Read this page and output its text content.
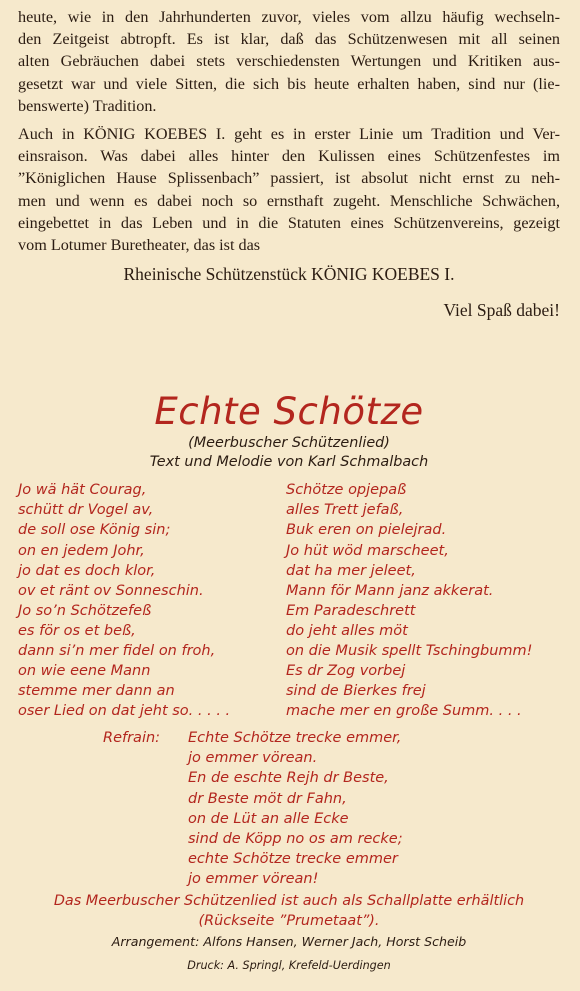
heute, wie in den Jahrhunderten zuvor, vieles vom allzu häufig wechseln-
den Zeitgeist abtropft. Es ist klar, daß das Schützenwesen mit all seinen
alten Gebräuchen dabei stets verschiedensten Wertungen und Kritiken aus-
gesetzt war und viele Sitten, die sich bis heute erhalten haben, sind nur (lie-
benswerte) Tradition.

Auch in KÖNIG KOEBES I. geht es in erster Linie um Tradition und Ver-
einsraison. Was dabei alles hinter den Kulissen eines Schützenfestes im
”Königlichen Hause Splissenbach” passiert, ist absolut nicht ernst zu neh-
men und wenn es dabei noch so ernsthaft zugeht. Menschliche Schwächen,
eingebettet in das Leben und in die Statuten eines Schützenvereins, gezeigt
vom Lotumer Buretheater, das ist das

Rheinische Schützenstück KÖNIG KOEBES I.
Viel Spaß dabei!
Echte Schötze
(Meerbuscher Schützenlied)
Text und Melodie von Karl Schmalbach
Jo wä hät Courag,
schütt dr Vogel av,
de soll ose König sin;
on en jedem Johr,
jo dat es doch klor,
ov et ränt ov Sonneschin.
Jo so’n Schötzefeß
es för os et beß,
dann si’n mer fidel on froh,
on wie eene Mann
stemme mer dann an
oser Lied on dat jeht so. . . . .
Schötze opjepaß
alles Trett jefaß,
Buk eren on pielejrad.
Jo hüt wöd marscheet,
dat ha mer jeleet,
Mann för Mann janz akkerat.
Em Paradeschrett
do jeht alles möt
on die Musik spellt Tschingbumm!
Es dr Zog vorbej
sind de Bierkes frej
mache mer en große Summ. . . .
Refrain: Echte Schötze trecke emmer,
jo emmer vörean.
En de eschte Rejh dr Beste,
dr Beste möt dr Fahn,
on de Lüt an alle Ecke
sind de Köpp no os am recke;
echte Schötze trecke emmer
jo emmer vörean!
Das Meerbuscher Schützenlied ist auch als Schallplatte erhältlich
(Rückseite ”Prumetaat”).
Arrangement: Alfons Hansen, Werner Jach, Horst Scheib
Druck: A. Springl, Krefeld-Uerdingen
